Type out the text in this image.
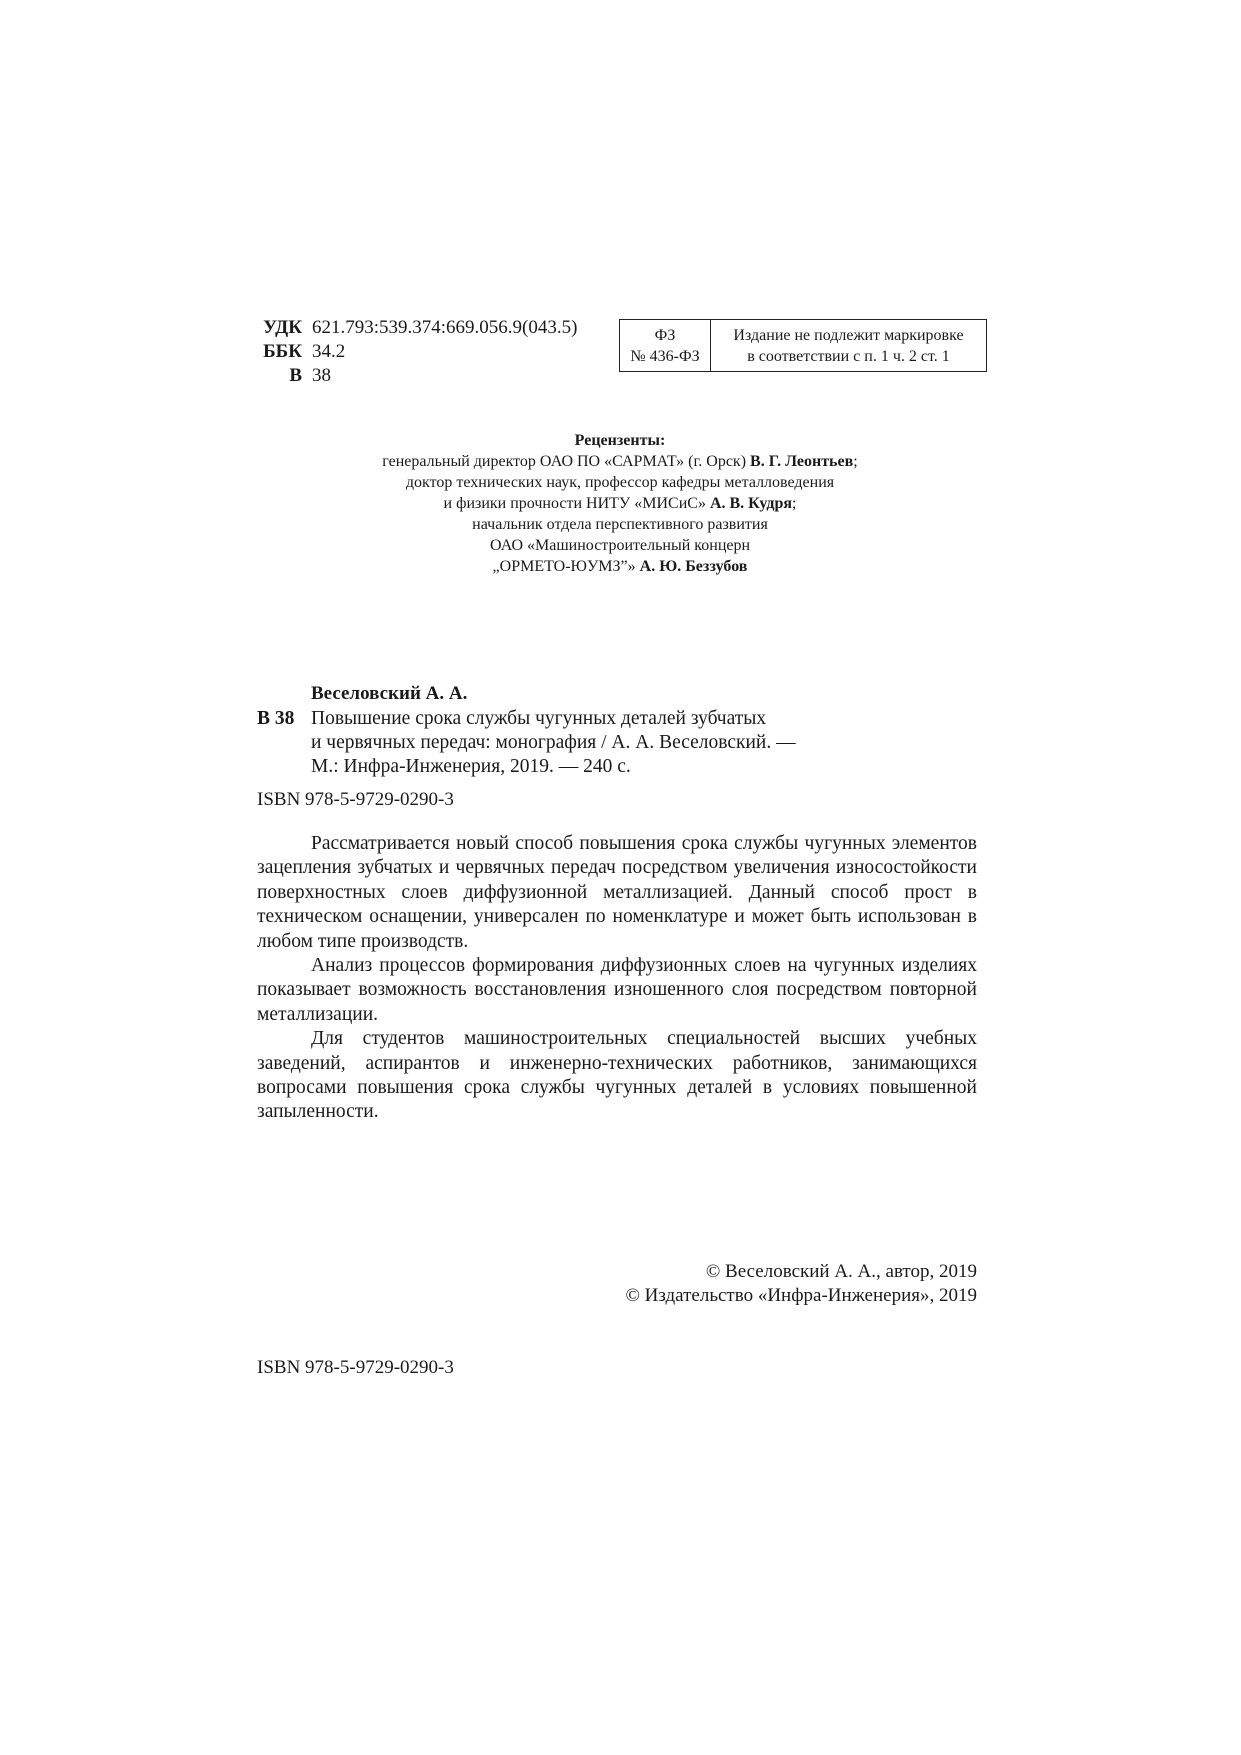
УДК 621.793:539.374:669.056.9(043.5)
ББК 34.2
В 38
ФЗ
№ 436-ФЗ
Издание не подлежит маркировке
в соответствии с п. 1 ч. 2 ст. 1
Рецензенты:
генеральный директор ОАО ПО «САРМАТ» (г. Орск) В. Г. Леонтьев;
доктор технических наук, профессор кафедры металловедения
и физики прочности НИТУ «МИСиС» А. В. Кудря;
начальник отдела перспективного развития
ОАО «Машиностроительный концерн
„ОРМЕТО-ЮУМЗ”» А. Ю. Беззубов
Веселовский А. А.
В 38 Повышение срока службы чугунных деталей зубчатых
и червячных передач: монография / А. А. Веселовский. —
М.: Инфра-Инженерия, 2019. — 240 с.
ISBN 978-5-9729-0290-3

Рассматривается новый способ повышения срока службы чугунных элементов зацепления зубчатых и червячных передач посредством увеличения износостойкости поверхностных слоев диффузионной металлизацией. Данный способ прост в техническом оснащении, универсален по номенклатуре и может быть использован в любом типе производств.

Анализ процессов формирования диффузионных слоев на чугунных изделиях показывает возможность восстановления изношенного слоя посредством повторной металлизации.

Для студентов машиностроительных специальностей высших учебных заведений, аспирантов и инженерно-технических работников, занимающихся вопросами повышения срока службы чугунных деталей в условиях повышенной запыленности.

© Веселовский А. А., автор, 2019
© Издательство «Инфра-Инженерия», 2019
ISBN 978-5-9729-0290-3
